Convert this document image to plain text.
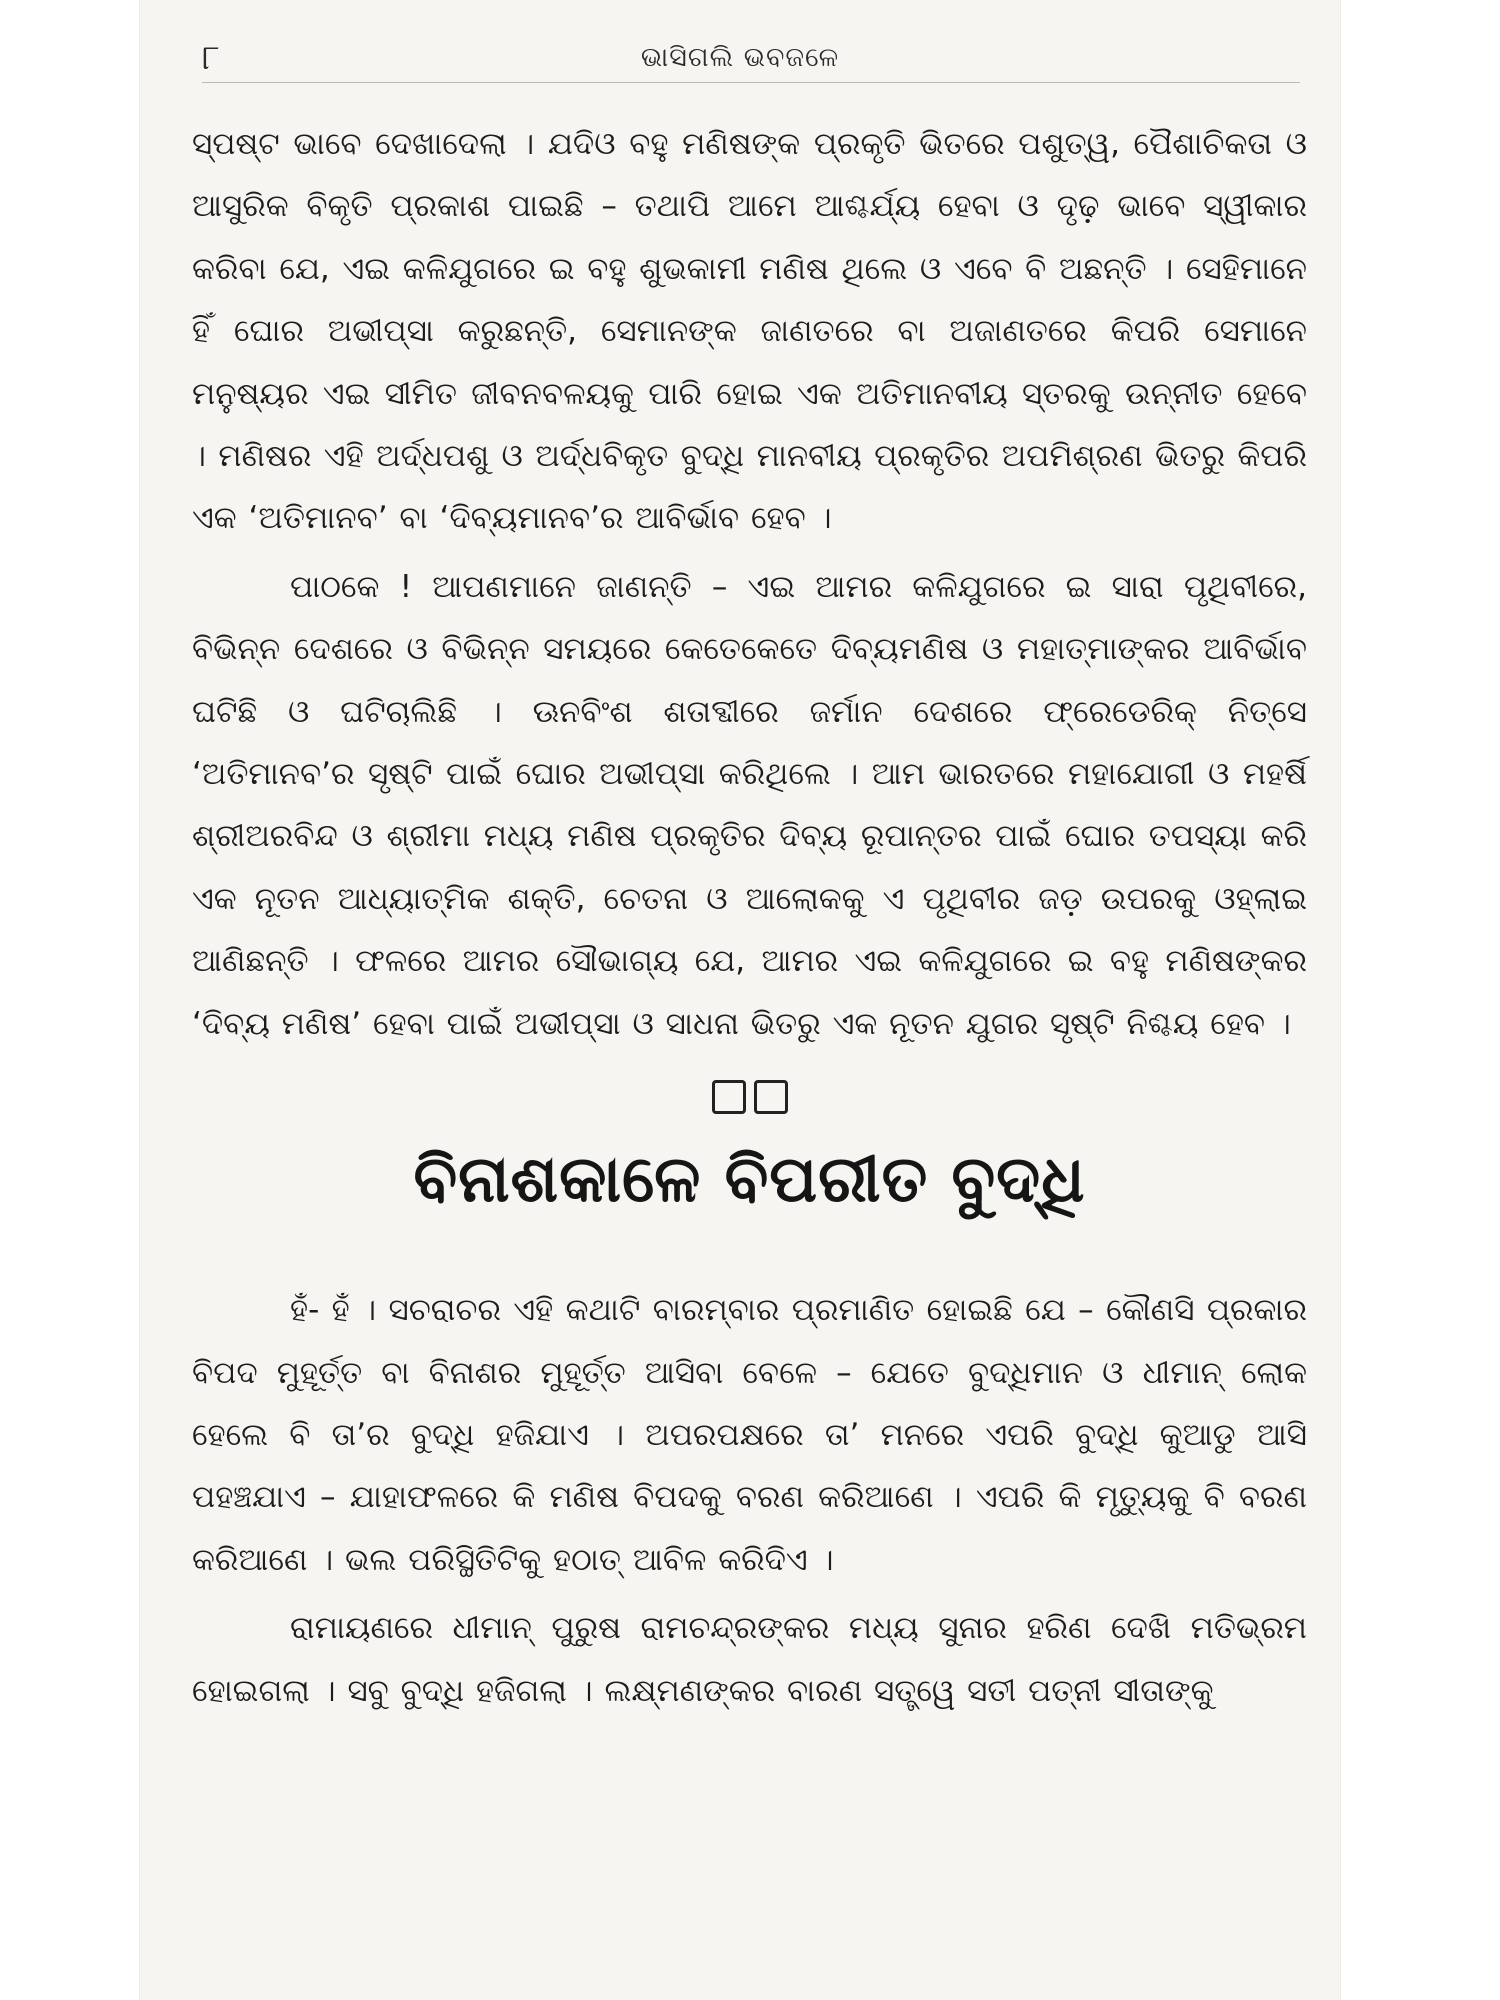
୮	ଭାସିଗଲି ଭବଜଳେ

ସ୍ପଷ୍ଟ ଭାବେ ଦେଖାଦେଲା । ଯଦିଓ ବହୁ ମଣିଷଙ୍କ ପ୍ରକୃତି ଭିତରେ ପଶୁତ୍ୱ, ପୈଶାଚିକତା ଓ ଆସୁରିକ ବିକୃତି ପ୍ରକାଶ ପାଇଛି – ତଥାପି ଆମେ ଆଶ୍ଚର୍ଯ୍ୟ ହେବା ଓ ଦୃଢ଼ ଭାବେ ସ୍ୱୀକାର କରିବା ଯେ, ଏଇ କଳିଯୁଗରେ ଇ ବହୁ ଶୁଭକାମୀ ମଣିଷ ଥିଲେ ଓ ଏବେ ବି ଅଛନ୍ତି । ସେହିମାନେ ହିଁ ଘୋର ଅଭୀପ୍ସା କରୁଛନ୍ତି, ସେମାନଙ୍କ ଜାଣତରେ ବା ଅଜାଣତରେ କିପରି ସେମାନେ ମନୁଷ୍ୟର ଏଇ ସୀମିତ ଜୀବନବଳୟକୁ ପାରି ହୋଇ ଏକ ଅତିମାନବୀୟ ସ୍ତରକୁ ଉନ୍ନୀତ ହେବେ । ମଣିଷର ଏହି ଅର୍ଦ୍ଧପଶୁ ଓ ଅର୍ଦ୍ଧବିକୃତ ବୁଦ୍ଧି ମାନବୀୟ ପ୍ରକୃତିର ଅପମିଶ୍ରଣ ଭିତରୁ କିପରି ଏକ ‘ଅତିମାନବ’ ବା ‘ଦିବ୍ୟମାନବ’ର ଆବିର୍ଭାବ ହେବ ।

ପାଠକେ ! ଆପଣମାନେ ଜାଣନ୍ତି – ଏଇ ଆମର କଳିଯୁଗରେ ଇ ସାରା ପୃଥିବୀରେ, ବିଭିନ୍ନ ଦେଶରେ ଓ ବିଭିନ୍ନ ସମୟରେ କେତେକେତେ ଦିବ୍ୟମଣିଷ ଓ ମହାତ୍ମାଙ୍କର ଆବିର୍ଭାବ ଘଟିଛି ଓ ଘଟିଚାଲିଛି । ଊନବିଂଶ ଶତାବ୍ଦୀରେ ଜର୍ମାନ ଦେଶରେ ଫ୍ରେଡେରିକ୍ ନିତ୍‌ସେ ‘ଅତିମାନବ’ର ସୃଷ୍ଟି ପାଇଁ ଘୋର ଅଭୀପ୍ସା କରିଥିଲେ । ଆମ ଭାରତରେ ମହାଯୋଗୀ ଓ ମହର୍ଷି ଶ୍ରୀଅରବିନ୍ଦ ଓ ଶ୍ରୀମା ମଧ୍ୟ ମଣିଷ ପ୍ରକୃତିର ଦିବ୍ୟ ରୂପାନ୍ତର ପାଇଁ ଘୋର ତପସ୍ୟା କରି ଏକ ନୂତନ ଆଧ୍ୟାତ୍ମିକ ଶକ୍ତି, ଚେତନା ଓ ଆଲୋକକୁ ଏ ପୃଥିବୀର ଜଡ଼ ଉପରକୁ ଓହ୍ଲାଇ ଆଣିଛନ୍ତି । ଫଳରେ ଆମର ସୌଭାଗ୍ୟ ଯେ, ଆମର ଏଇ କଳିଯୁଗରେ ଇ ବହୁ ମଣିଷଙ୍କର ‘ଦିବ୍ୟ ମଣିଷ’ ହେବା ପାଇଁ ଅଭୀପ୍ସା ଓ ସାଧନା ଭିତରୁ ଏକ ନୂତନ ଯୁଗର ସୃଷ୍ଟି ନିଶ୍ଚୟ ହେବ ।

ବିନାଶକାଳେ ବିପରୀତ ବୁଦ୍ଧି

ହଁ- ହଁ । ସଚରାଚର ଏହି କଥାଟି ବାରମ୍ବାର ପ୍ରମାଣିତ ହୋଇଛି ଯେ – କୌଣସି ପ୍ରକାର ବିପଦ ମୁହୂର୍ତ୍ତ ବା ବିନାଶର ମୁହୂର୍ତ୍ତ ଆସିବା ବେଳେ – ଯେତେ ବୁଦ୍ଧିମାନ ଓ ଧୀମାନ୍ ଲୋକ ହେଲେ ବି ତା’ର ବୁଦ୍ଧି ହଜିଯାଏ । ଅପରପକ୍ଷରେ ତା’ ମନରେ ଏପରି ବୁଦ୍ଧି କୁଆଡୁ ଆସି ପହଞ୍ଚଯାଏ – ଯାହାଫଳରେ କି ମଣିଷ ବିପଦକୁ ବରଣ କରିଆଣେ । ଏପରି କି ମୃତ୍ୟୁକୁ ବି ବରଣ କରିଆଣେ । ଭଲ ପରିସ୍ଥିତିଟିକୁ ହଠାତ୍ ଆବିଳ କରିଦିଏ ।

ରାମାୟଣରେ ଧୀମାନ୍ ପୁରୁଷ ରାମଚନ୍ଦ୍ରଙ୍କର ମଧ୍ୟ ସୁନାର ହରିଣ ଦେଖି ମତିଭ୍ରମ ହୋଇଗଲା । ସବୁ ବୁଦ୍ଧି ହଜିଗଲା । ଲକ୍ଷ୍ମଣଙ୍କର ବାରଣ ସତ୍ତ୍ୱେ ସତୀ ପତ୍ନୀ ସୀତାଙ୍କୁ
